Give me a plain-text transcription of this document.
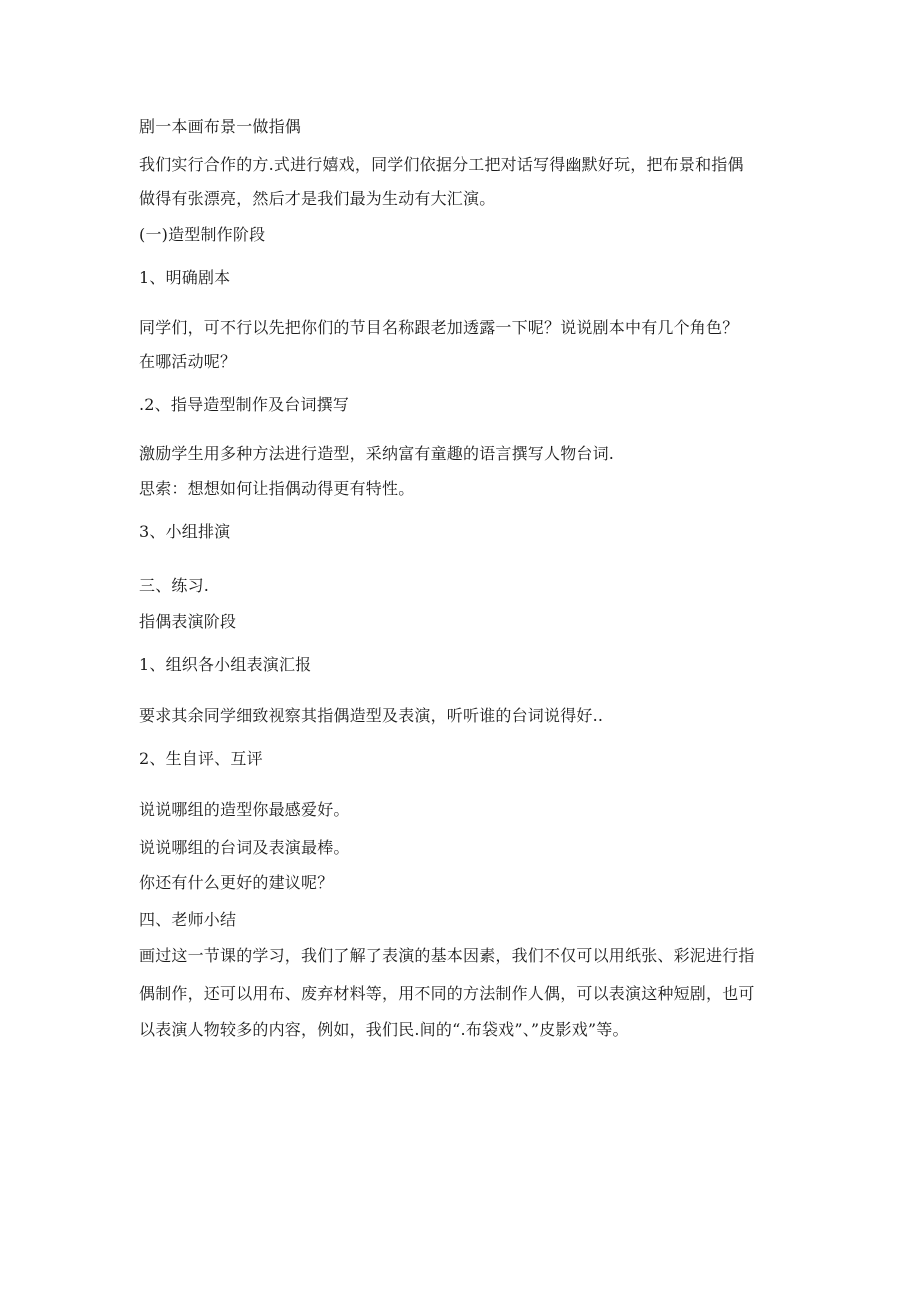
剧一本画布景一做指偶
我们实行合作的方.式进行嬉戏，同学们依据分工把对话写得幽默好玩，把布景和指偶
做得有张漂亮，然后才是我们最为生动有大汇演。
(一)造型制作阶段
1、明确剧本
同学们，可不行以先把你们的节目名称跟老加透露一下呢？说说剧本中有几个角色？
在哪活动呢？
.2、指导造型制作及台词撰写
激励学生用多种方法进行造型，采纳富有童趣的语言撰写人物台词.
思索：想想如何让指偶动得更有特性。
3、小组排演
三、练习.
指偶表演阶段
1、组织各小组表演汇报
要求其余同学细致视察其指偶造型及表演，听听谁的台词说得好..
2、生自评、互评
说说哪组的造型你最感爱好。
说说哪组的台词及表演最棒。
你还有什么更好的建议呢？
四、老师小结
画过这一节课的学习，我们了解了表演的基本因素，我们不仅可以用纸张、彩泥进行指
偶制作，还可以用布、废弃材料等，用不同的方法制作人偶，可以表演这种短剧，也可
以表演人物较多的内容，例如，我们民.间的“.布袋戏”、”皮影戏”等。
